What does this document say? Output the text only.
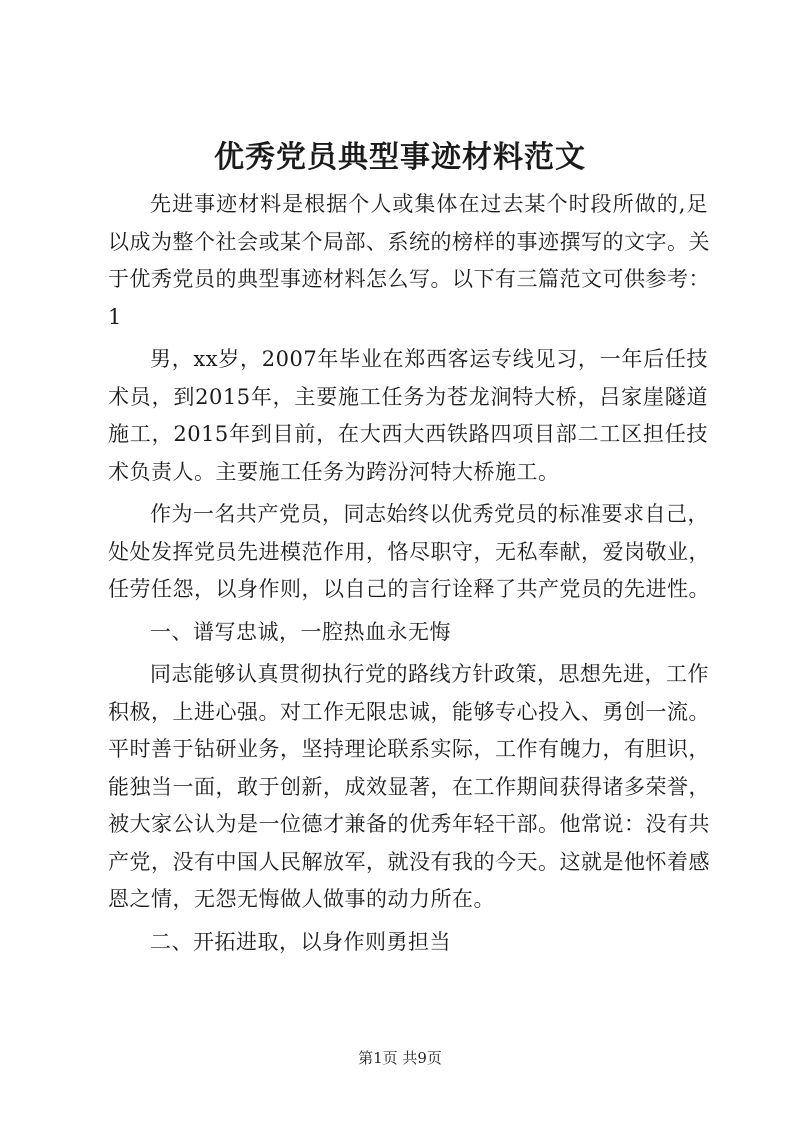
优秀党员典型事迹材料范文
先进事迹材料是根据个人或集体在过去某个时段所做的,足
以成为整个社会或某个局部、系统的榜样的事迹撰写的文字。关
于优秀党员的典型事迹材料怎么写。以下有三篇范文可供参考：
1
男，xx岁，2007年毕业在郑西客运专线见习，一年后任技
术员，到2015年，主要施工任务为苍龙涧特大桥，吕家崖隧道
施工，2015年到目前，在大西大西铁路四项目部二工区担任技
术负责人。主要施工任务为跨汾河特大桥施工。
作为一名共产党员，同志始终以优秀党员的标准要求自己，
处处发挥党员先进模范作用，恪尽职守，无私奉献，爱岗敬业，
任劳任怨，以身作则，以自己的言行诠释了共产党员的先进性。
一、谱写忠诚，一腔热血永无悔
同志能够认真贯彻执行党的路线方针政策，思想先进，工作
积极，上进心强。对工作无限忠诚，能够专心投入、勇创一流。
平时善于钻研业务，坚持理论联系实际，工作有魄力，有胆识，
能独当一面，敢于创新，成效显著，在工作期间获得诸多荣誉，
被大家公认为是一位德才兼备的优秀年轻干部。他常说：没有共
产党，没有中国人民解放军，就没有我的今天。这就是他怀着感
恩之情，无怨无悔做人做事的动力所在。
二、开拓进取，以身作则勇担当
第1页 共9页
